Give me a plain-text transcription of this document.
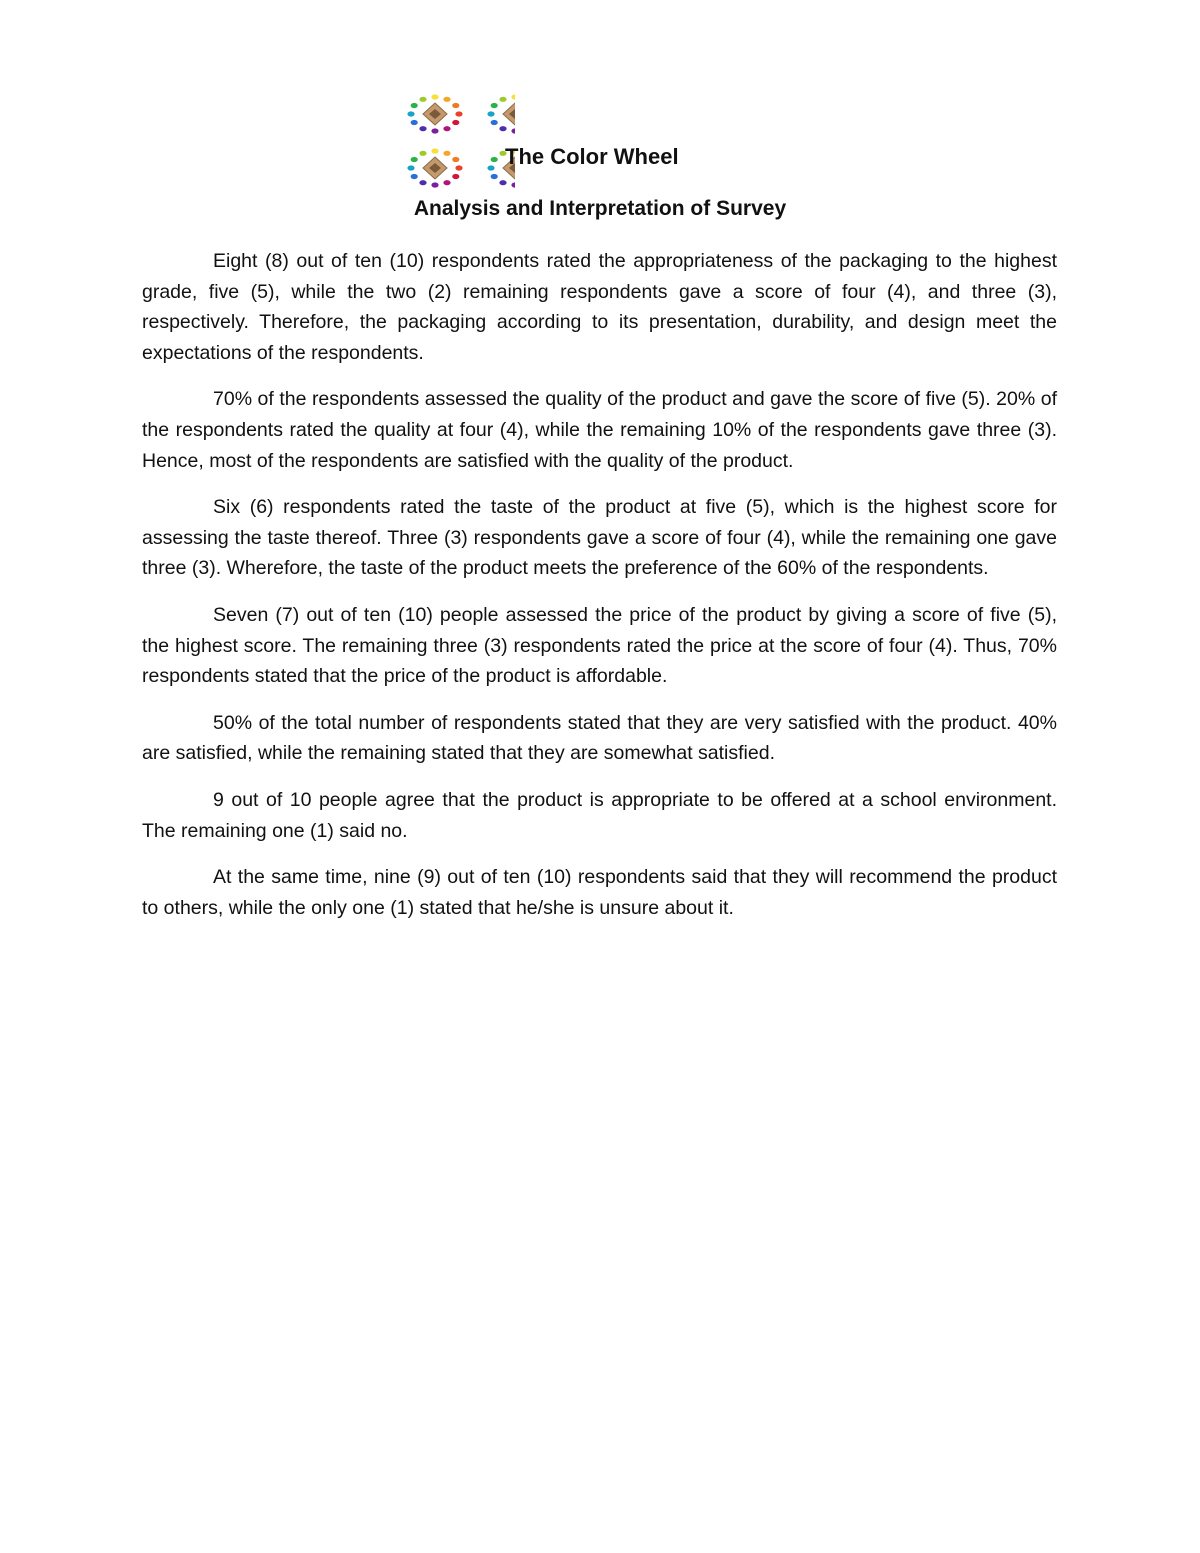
The Color Wheel
Analysis and Interpretation of Survey

Eight (8) out of ten (10) respondents rated the appropriateness of the packaging to the highest grade, five (5), while the two (2) remaining respondents gave a score of four (4), and three (3), respectively. Therefore, the packaging according to its presentation, durability, and design meet the expectations of the respondents.

70% of the respondents assessed the quality of the product and gave the score of five (5). 20% of the respondents rated the quality at four (4), while the remaining 10% of the respondents gave three (3). Hence, most of the respondents are satisfied with the quality of the product.

Six (6) respondents rated the taste of the product at five (5), which is the highest score for assessing the taste thereof. Three (3) respondents gave a score of four (4), while the remaining one gave three (3). Wherefore, the taste of the product meets the preference of the 60% of the respondents.

Seven (7) out of ten (10) people assessed the price of the product by giving a score of five (5), the highest score. The remaining three (3) respondents rated the price at the score of four (4). Thus, 70% respondents stated that the price of the product is affordable.

50% of the total number of respondents stated that they are very satisfied with the product. 40% are satisfied, while the remaining stated that they are somewhat satisfied.

9 out of 10 people agree that the product is appropriate to be offered at a school environment. The remaining one (1) said no.

At the same time, nine (9) out of ten (10) respondents said that they will recommend the product to others, while the only one (1) stated that he/she is unsure about it.
